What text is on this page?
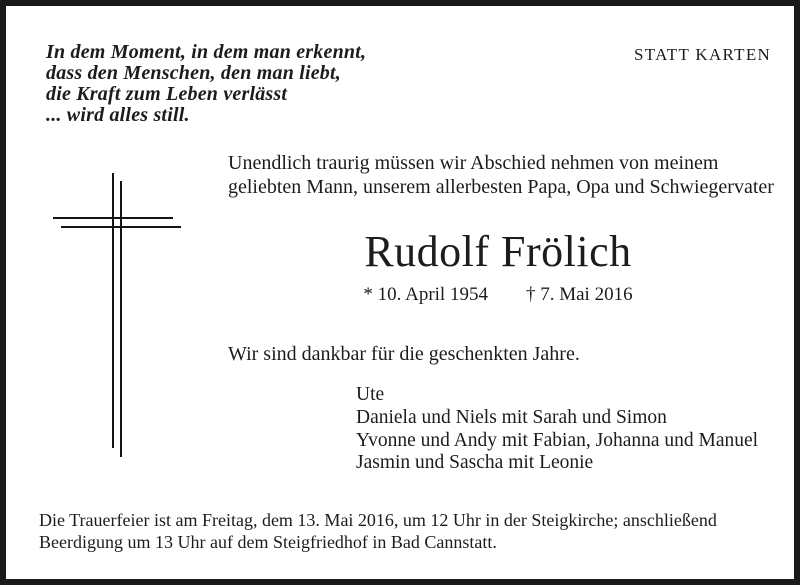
In dem Moment, in dem man erkennt,
dass den Menschen, den man liebt,
die Kraft zum Leben verlässt
... wird alles still.
STATT KARTEN
Unendlich traurig müssen wir Abschied nehmen von meinem
geliebten Mann, unserem allerbesten Papa, Opa und Schwiegervater
Rudolf Frölich
* 10. April 1954 † 7. Mai 2016
Wir sind dankbar für die geschenkten Jahre.
Ute
Daniela und Niels mit Sarah und Simon
Yvonne und Andy mit Fabian, Johanna und Manuel
Jasmin und Sascha mit Leonie
Die Trauerfeier ist am Freitag, dem 13. Mai 2016, um 12 Uhr in der Steigkirche; anschließend
Beerdigung um 13 Uhr auf dem Steigfriedhof in Bad Cannstatt.
